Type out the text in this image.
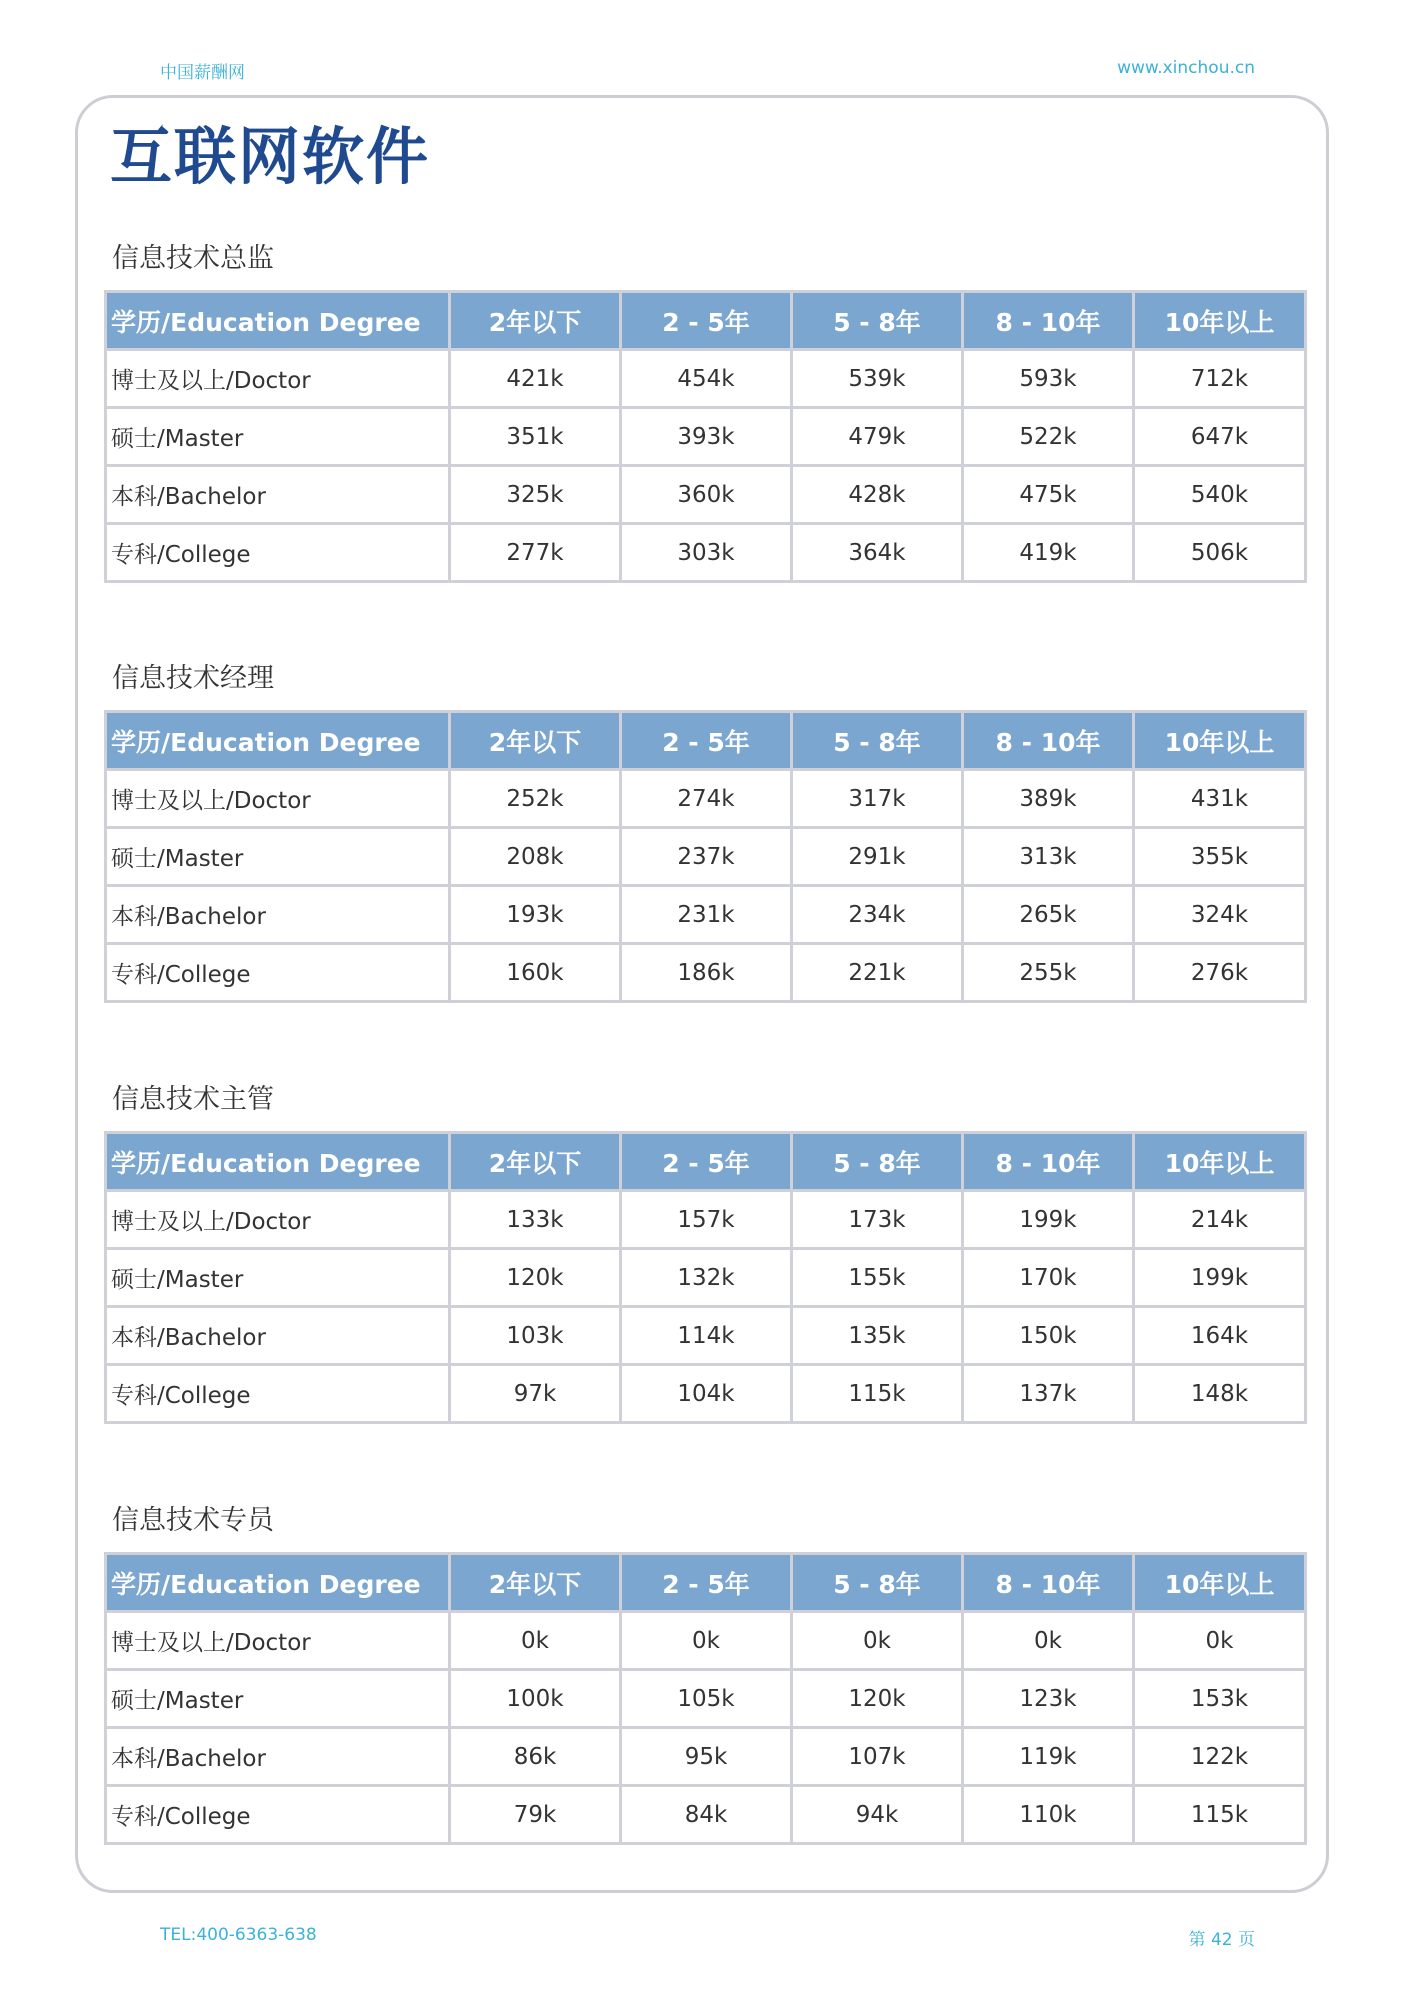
中国薪酬网	www.xinchou.cn
互联网软件
信息技术总监
学历/Education Degree	2年以下	2 - 5年	5 - 8年	8 - 10年	10年以上
博士及以上/Doctor	421k	454k	539k	593k	712k
硕士/Master	351k	393k	479k	522k	647k
本科/Bachelor	325k	360k	428k	475k	540k
专科/College	277k	303k	364k	419k	506k
信息技术经理
学历/Education Degree	2年以下	2 - 5年	5 - 8年	8 - 10年	10年以上
博士及以上/Doctor	252k	274k	317k	389k	431k
硕士/Master	208k	237k	291k	313k	355k
本科/Bachelor	193k	231k	234k	265k	324k
专科/College	160k	186k	221k	255k	276k
信息技术主管
学历/Education Degree	2年以下	2 - 5年	5 - 8年	8 - 10年	10年以上
博士及以上/Doctor	133k	157k	173k	199k	214k
硕士/Master	120k	132k	155k	170k	199k
本科/Bachelor	103k	114k	135k	150k	164k
专科/College	97k	104k	115k	137k	148k
信息技术专员
学历/Education Degree	2年以下	2 - 5年	5 - 8年	8 - 10年	10年以上
博士及以上/Doctor	0k	0k	0k	0k	0k
硕士/Master	100k	105k	120k	123k	153k
本科/Bachelor	86k	95k	107k	119k	122k
专科/College	79k	84k	94k	110k	115k
TEL:400-6363-638	第 42 页
